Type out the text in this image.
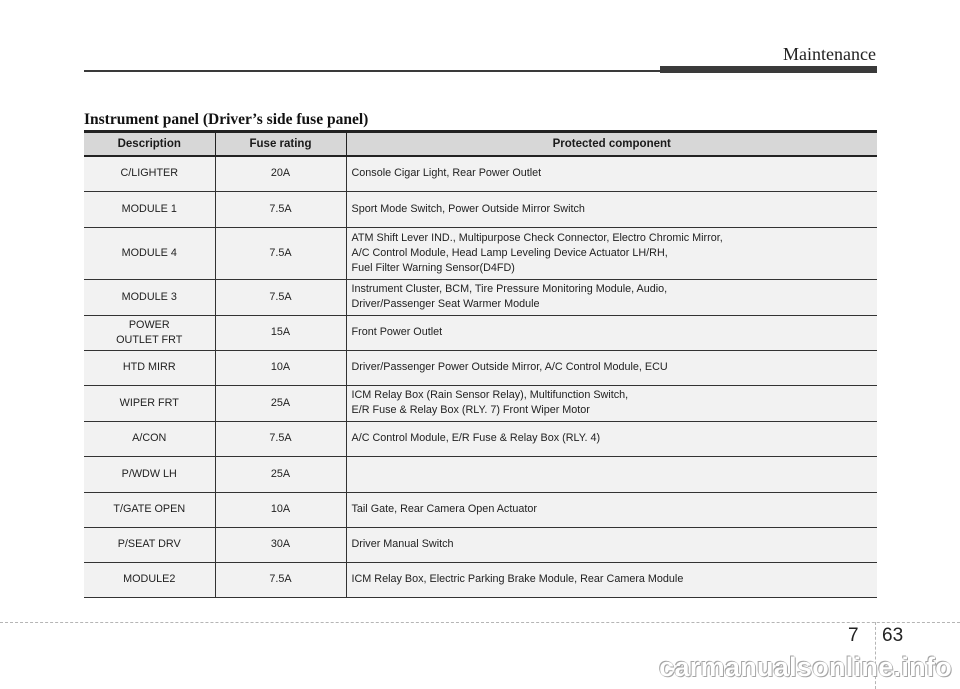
Maintenance
Instrument panel (Driver’s side fuse panel)
Description	Fuse rating	Protected component
C/LIGHTER	20A	Console Cigar Light, Rear Power Outlet
MODULE 1	7.5A	Sport Mode Switch, Power Outside Mirror Switch
MODULE 4	7.5A	ATM Shift Lever IND., Multipurpose Check Connector, Electro Chromic Mirror,
A/C Control Module, Head Lamp Leveling Device Actuator LH/RH,
Fuel Filter Warning Sensor(D4FD)
MODULE 3	7.5A	Instrument Cluster, BCM, Tire Pressure Monitoring Module, Audio,
Driver/Passenger Seat Warmer Module
POWER
OUTLET FRT	15A	Front Power Outlet
HTD MIRR	10A	Driver/Passenger Power Outside Mirror, A/C Control Module, ECU
WIPER FRT	25A	ICM Relay Box (Rain Sensor Relay), Multifunction Switch,
E/R Fuse & Relay Box (RLY. 7) Front Wiper Motor
A/CON	7.5A	A/C Control Module, E/R Fuse & Relay Box (RLY. 4)
P/WDW LH	25A	
T/GATE OPEN	10A	Tail Gate, Rear Camera Open Actuator
P/SEAT DRV	30A	Driver Manual Switch
MODULE2	7.5A	ICM Relay Box, Electric Parking Brake Module, Rear Camera Module
7 63
carmanualsonline.info
